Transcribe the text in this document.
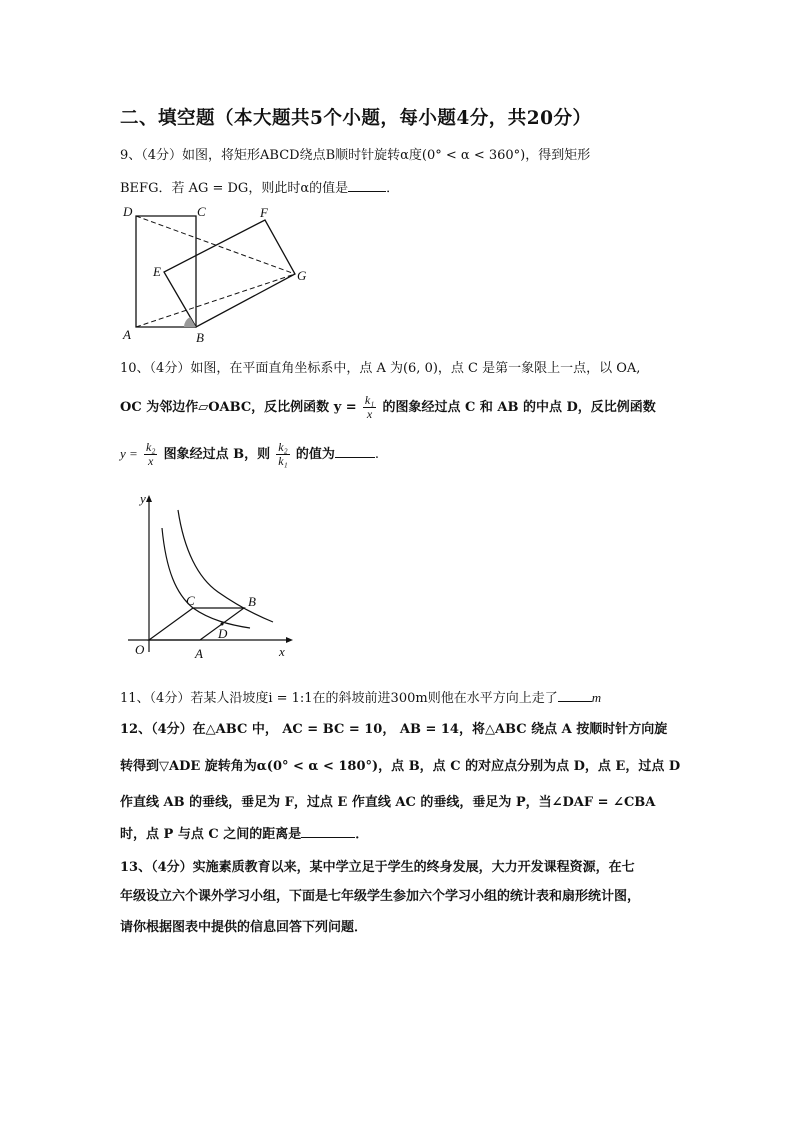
二、填空题（本大题共5个小题，每小题4分，共20分）
9、（4分）如图，将矩形ABCD绕点B顺时针旋转α度(0° < α < 360°)，得到矩形
BEFG．若 AG = DG，则此时α的值是	．
D	C	F
E	G
A	B
10、（4分）如图，在平面直角坐标系中，点 A 为(6, 0)，点 C 是第一象限上一点，以 OA,
OC 为邻边作▱OABC，反比例函数 $y = \frac{\text{k₁}}{x}$ 的图象经过点 C 和 AB 的中点 D，反比例函数
$y = \frac{\text{k₂}}{x}$ 图象经过点 B，则 $\frac{\text{k₂}}{\text{k₁}}$ 的值为	.
y
C	B
D
O	A	x
11、（4分）若某人沿坡度i = 1:1在的斜坡前进300m则他在水平方向上走了	m
12、（4分）在△ABC 中， AC = BC = 10， AB = 14，将△ABC 绕点 A 按顺时针方向旋
转得到▽ADE 旋转角为α(0° < α < 180°)，点 B，点 C 的对应点分别为点 D，点 E，过点 D
作直线 AB 的垂线，垂足为 F，过点 E 作直线 AC 的垂线，垂足为 P，当∠DAF = ∠CBA
时，点 P 与点 C 之间的距离是	．
13、（4分）实施素质教育以来，某中学立足于学生的终身发展，大力开发课程资源，在七
年级设立六个课外学习小组，下面是七年级学生参加六个学习小组的统计表和扇形统计图，
请你根据图表中提供的信息回答下列问题．
